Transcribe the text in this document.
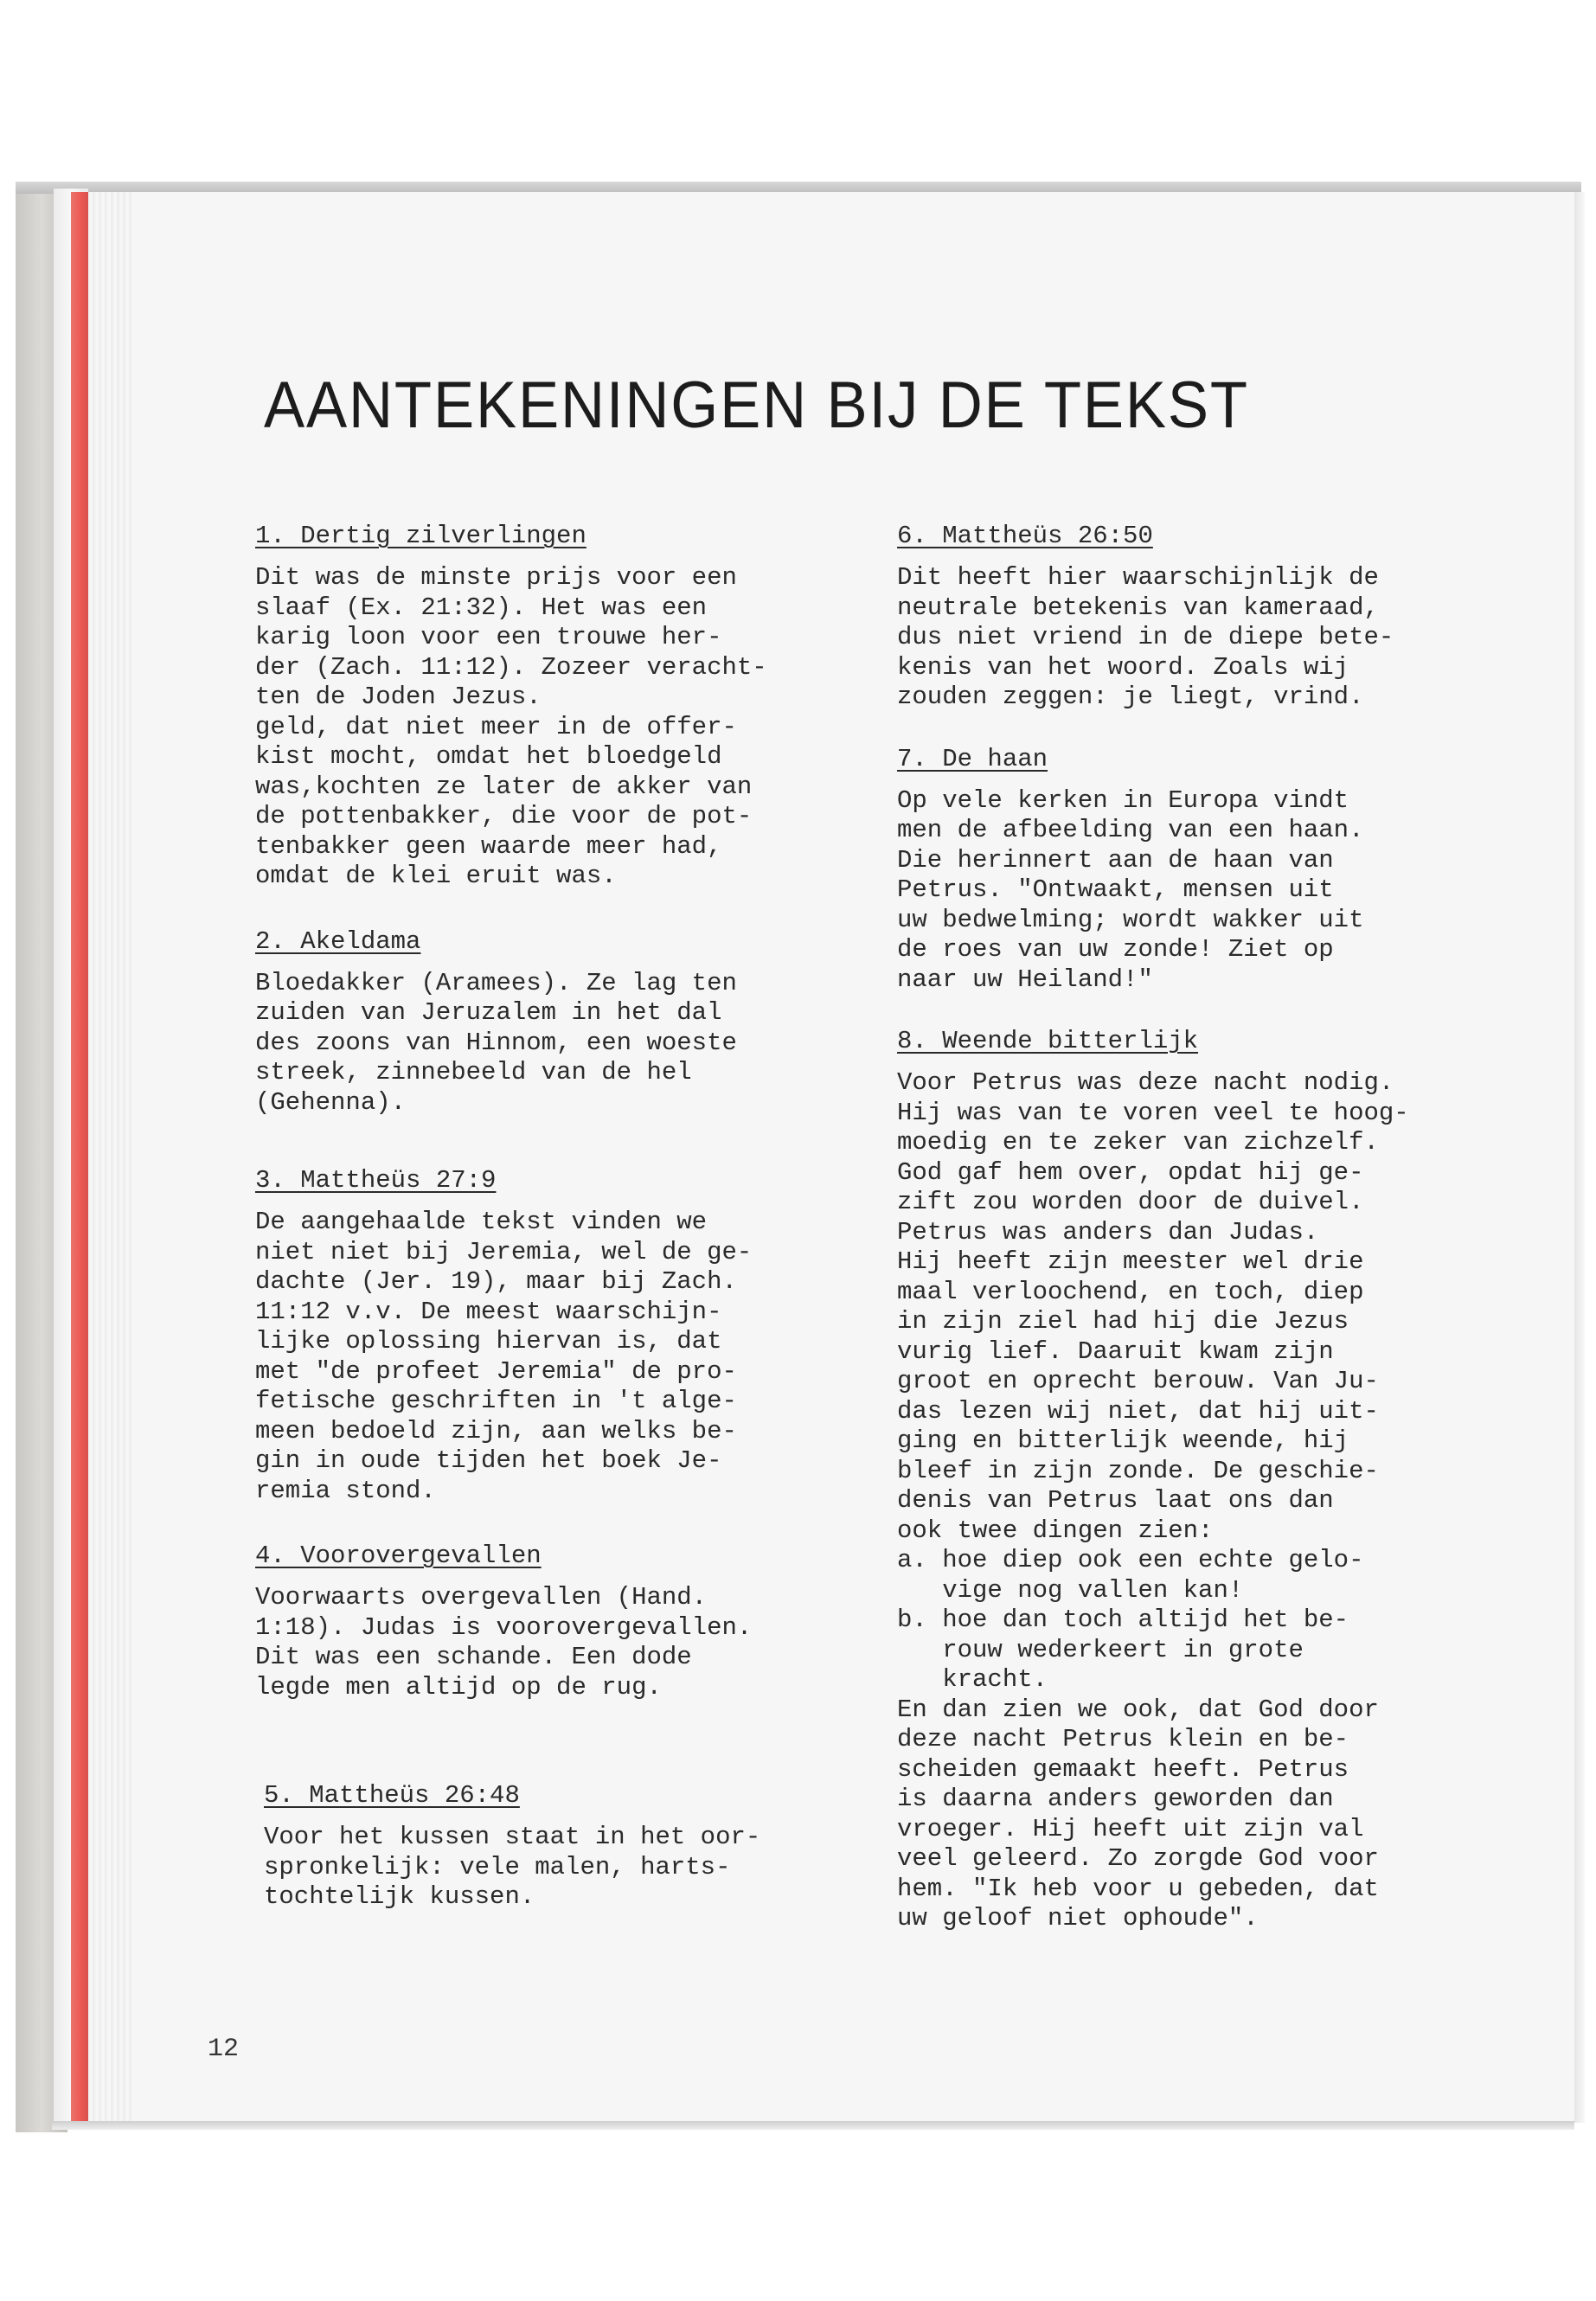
AANTEKENINGEN BIJ DE TEKST
1. Dertig zilverlingen
Dit was de minste prijs voor een
slaaf (Ex. 21:32). Het was een
karig loon voor een trouwe her-
der (Zach. 11:12). Zozeer veracht-
ten de Joden Jezus.
geld, dat niet meer in de offer-
kist mocht, omdat het bloedgeld
was,kochten ze later de akker van
de pottenbakker, die voor de pot-
tenbakker geen waarde meer had,
omdat de klei eruit was.
2. Akeldama
Bloedakker (Aramees). Ze lag ten
zuiden van Jeruzalem in het dal
des zoons van Hinnom, een woeste
streek, zinnebeeld van de hel
(Gehenna).
3. Mattheüs 27:9
De aangehaalde tekst vinden we
niet niet bij Jeremia, wel de ge-
dachte (Jer. 19), maar bij Zach.
11:12 v.v. De meest waarschijn-
lijke oplossing hiervan is, dat
met "de profeet Jeremia" de pro-
fetische geschriften in 't alge-
meen bedoeld zijn, aan welks be-
gin in oude tijden het boek Je-
remia stond.
4. Voorovergevallen
Voorwaarts overgevallen (Hand.
1:18). Judas is voorovergevallen.
Dit was een schande. Een dode
legde men altijd op de rug.
5. Mattheüs 26:48
Voor het kussen staat in het oor-
spronkelijk: vele malen, harts-
tochtelijk kussen.
6. Mattheüs 26:50
Dit heeft hier waarschijnlijk de
neutrale betekenis van kameraad,
dus niet vriend in de diepe bete-
kenis van het woord. Zoals wij
zouden zeggen: je liegt, vrind.
7. De haan
Op vele kerken in Europa vindt
men de afbeelding van een haan.
Die herinnert aan de haan van
Petrus. "Ontwaakt, mensen uit
uw bedwelming; wordt wakker uit
de roes van uw zonde! Ziet op
naar uw Heiland!"
8. Weende bitterlijk
Voor Petrus was deze nacht nodig.
Hij was van te voren veel te hoog-
moedig en te zeker van zichzelf.
God gaf hem over, opdat hij ge-
zift zou worden door de duivel.
Petrus was anders dan Judas.
Hij heeft zijn meester wel drie
maal verloochend, en toch, diep
in zijn ziel had hij die Jezus
vurig lief. Daaruit kwam zijn
groot en oprecht berouw. Van Ju-
das lezen wij niet, dat hij uit-
ging en bitterlijk weende, hij
bleef in zijn zonde. De geschie-
denis van Petrus laat ons dan
ook twee dingen zien:
a. hoe diep ook een echte gelo-
vige nog vallen kan!
b. hoe dan toch altijd het be-
rouw wederkeert in grote
kracht.
En dan zien we ook, dat God door
deze nacht Petrus klein en be-
scheiden gemaakt heeft. Petrus
is daarna anders geworden dan
vroeger. Hij heeft uit zijn val
veel geleerd. Zo zorgde God voor
hem. "Ik heb voor u gebeden, dat
uw geloof niet ophoude".
12
